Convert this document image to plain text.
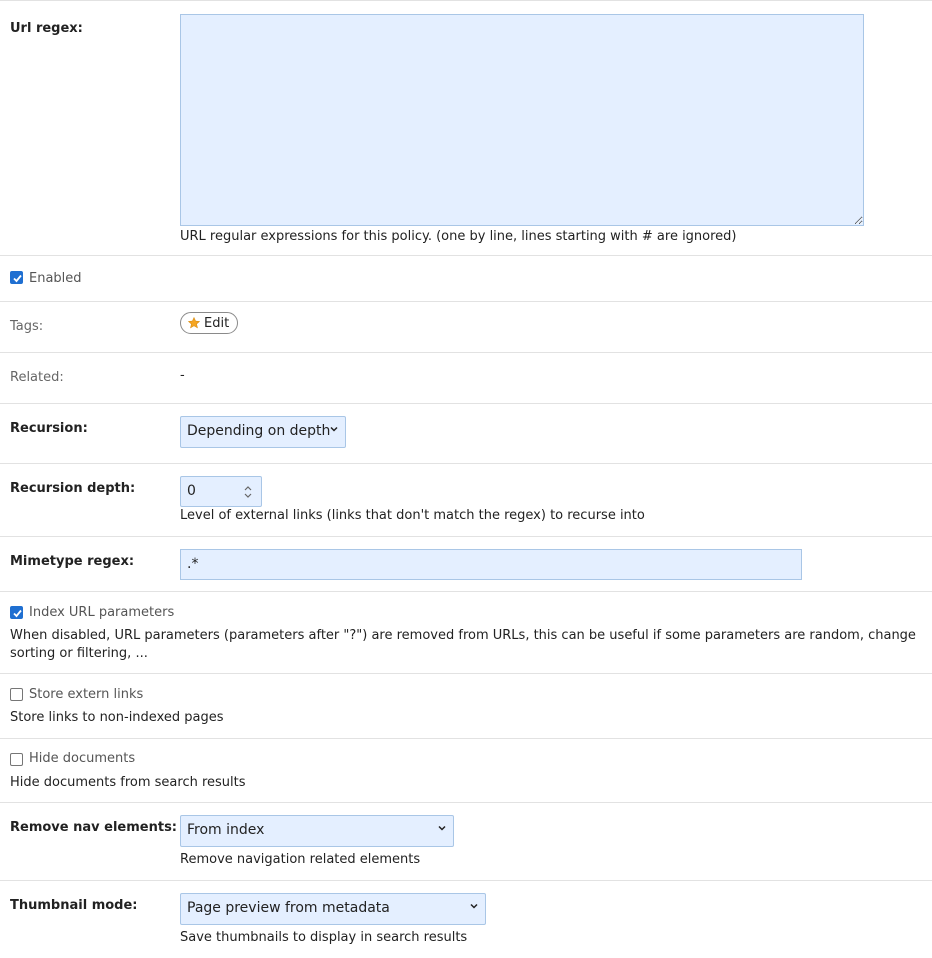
Url regex:
URL regular expressions for this policy. (one by line, lines starting with # are ignored)
Enabled
Tags:	Edit
Related:	-
Recursion:	Depending on depth
Recursion depth:	0
Level of external links (links that don't match the regex) to recurse into
Mimetype regex:	.*
Index URL parameters
When disabled, URL parameters (parameters after "?") are removed from URLs, this can be useful if some parameters are random, change sorting or filtering, ...
Store extern links
Store links to non-indexed pages
Hide documents
Hide documents from search results
Remove nav elements: From index
Remove navigation related elements
Thumbnail mode:	Page preview from metadata
Save thumbnails to display in search results
